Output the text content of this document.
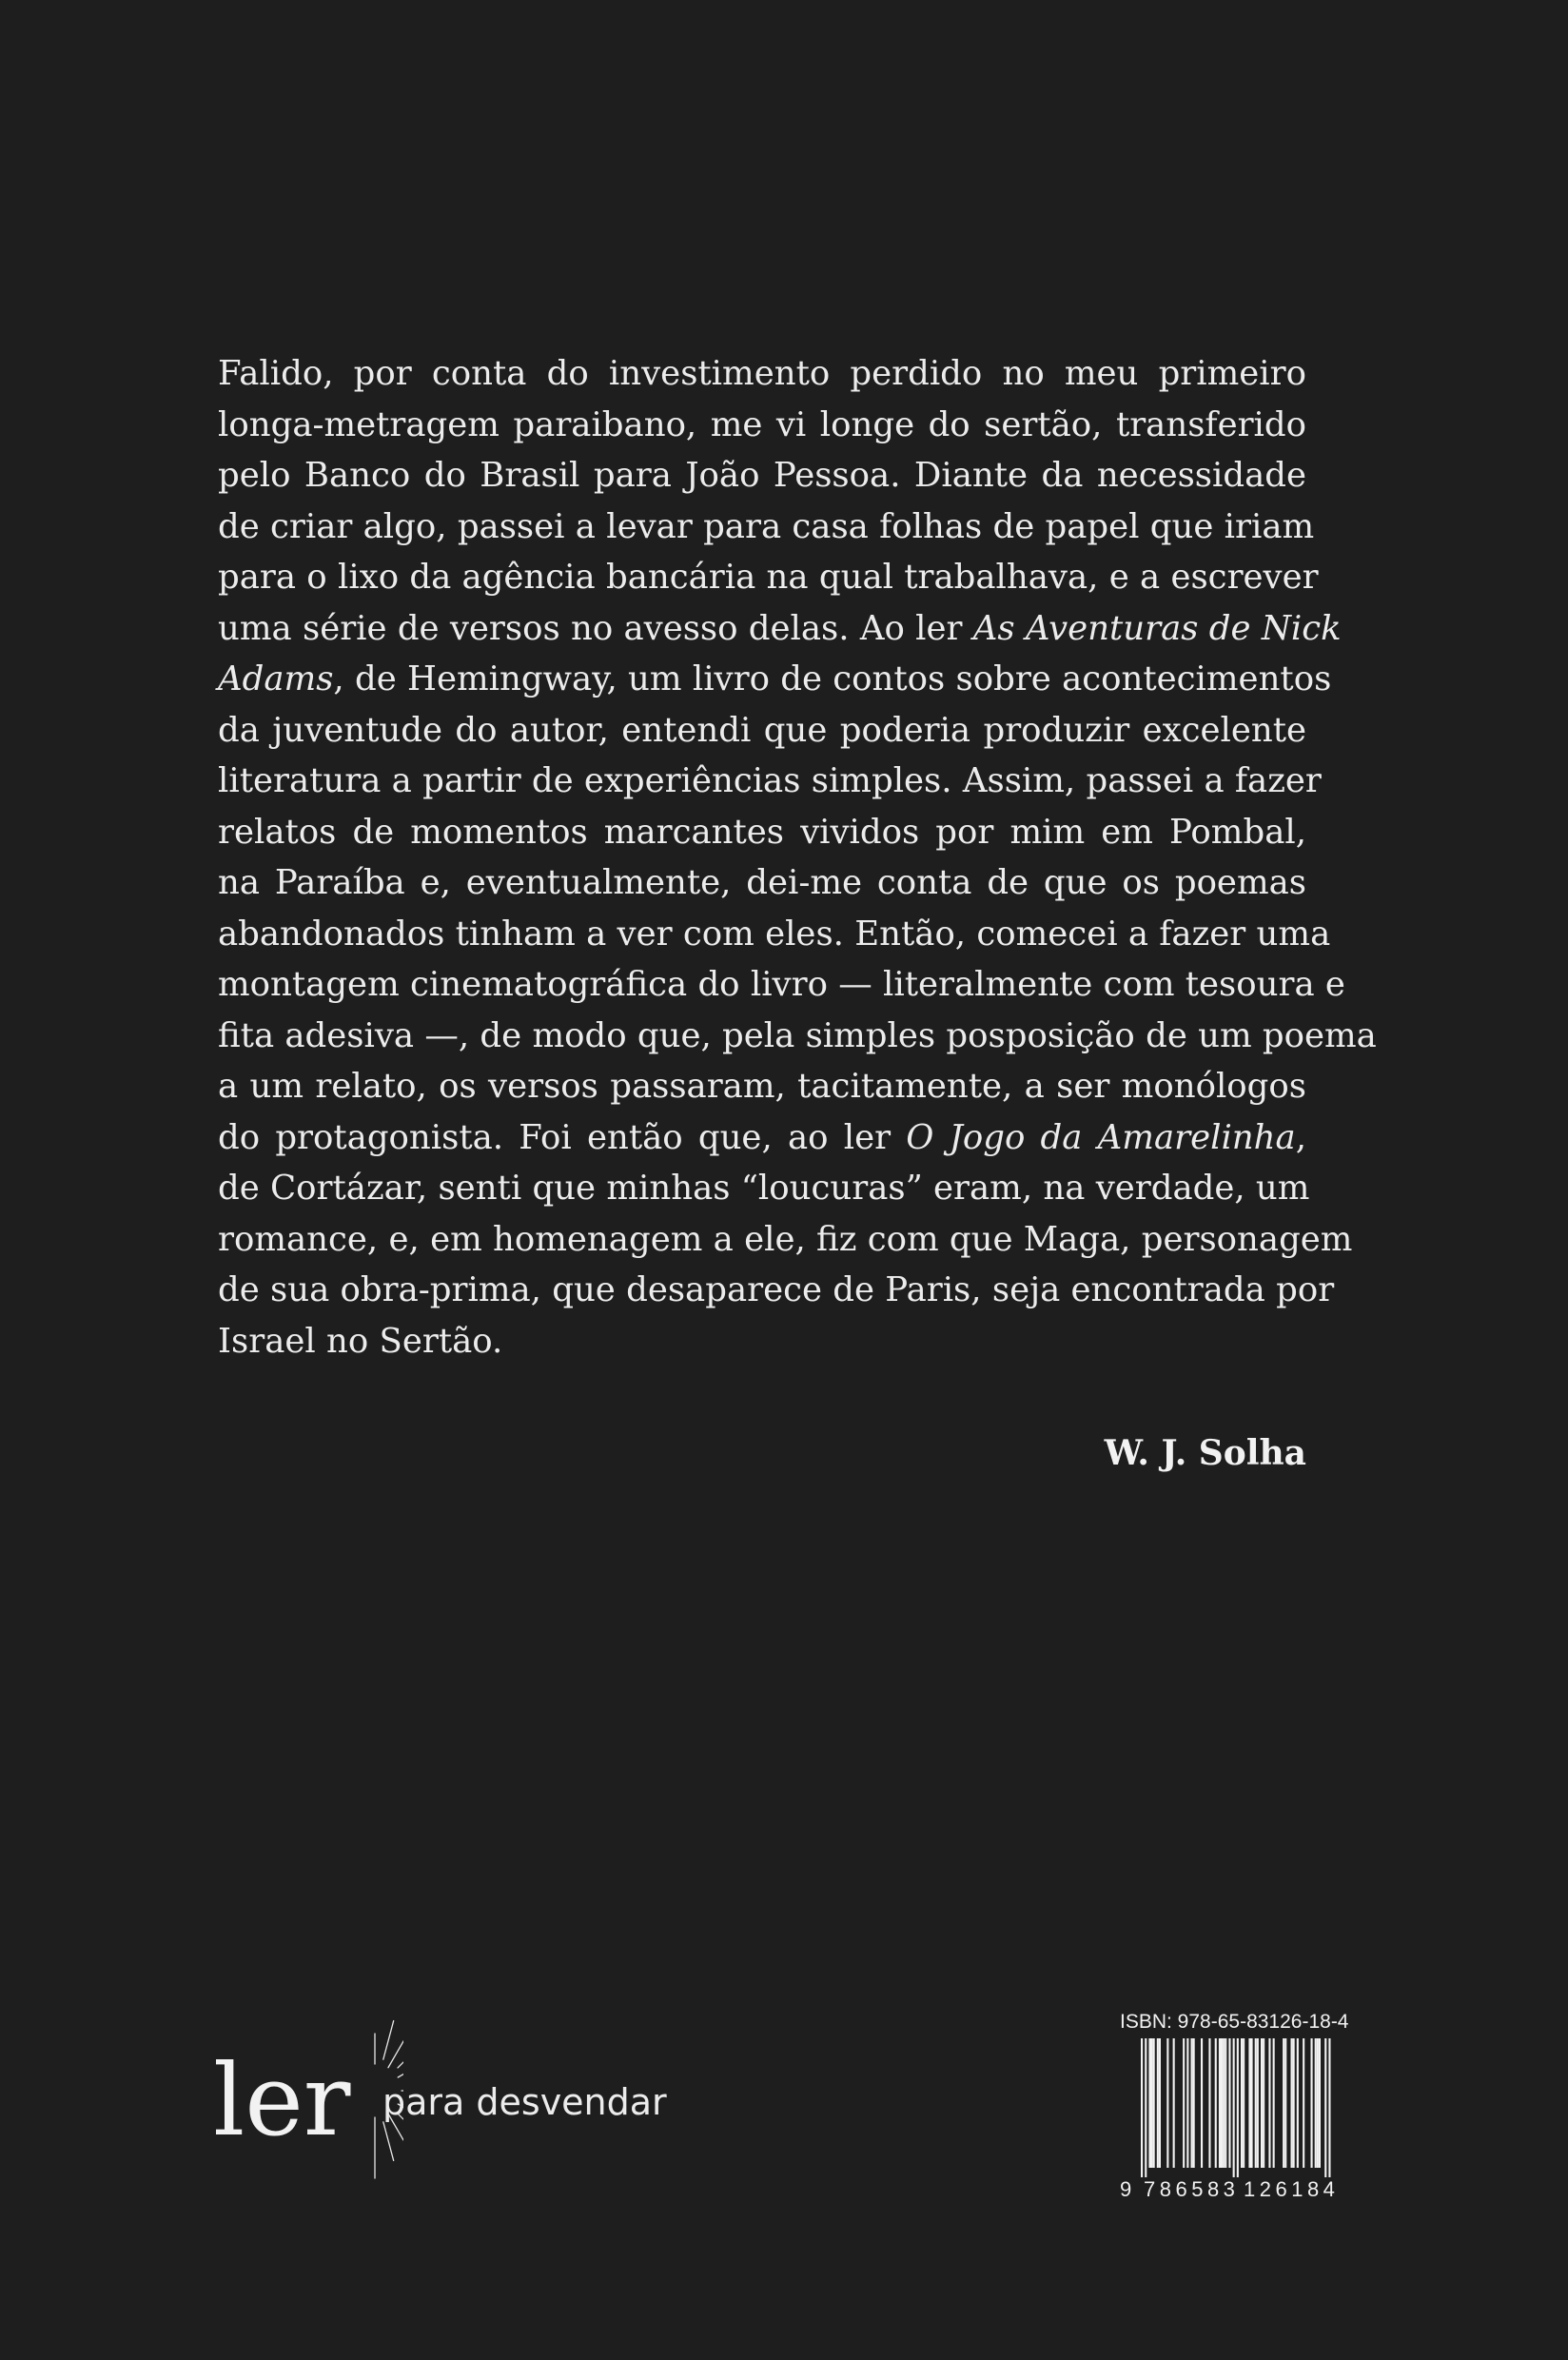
Falido, por conta do investimento perdido no meu primeiro
longa-metragem paraibano, me vi longe do sertão, transferido
pelo Banco do Brasil para João Pessoa. Diante da necessidade
de criar algo, passei a levar para casa folhas de papel que iriam
para o lixo da agência bancária na qual trabalhava, e a escrever
uma série de versos no avesso delas. Ao ler As Aventuras de Nick
Adams, de Hemingway, um livro de contos sobre acontecimentos
da juventude do autor, entendi que poderia produzir excelente
literatura a partir de experiências simples. Assim, passei a fazer
relatos de momentos marcantes vividos por mim em Pombal,
na Paraíba e, eventualmente, dei-me conta de que os poemas
abandonados tinham a ver com eles. Então, comecei a fazer uma
montagem cinematográfica do livro — literalmente com tesoura e
fita adesiva —, de modo que, pela simples posposição de um poema
a um relato, os versos passaram, tacitamente, a ser monólogos
do protagonista. Foi então que, ao ler O Jogo da Amarelinha,
de Cortázar, senti que minhas “loucuras” eram, na verdade, um
romance, e, em homenagem a ele, fiz com que Maga, personagem
de sua obra-prima, que desaparece de Paris, seja encontrada por
Israel no Sertão.
W. J. Solha
ler para desvendar
ISBN: 978-65-83126-18-4
9 786583 126184
